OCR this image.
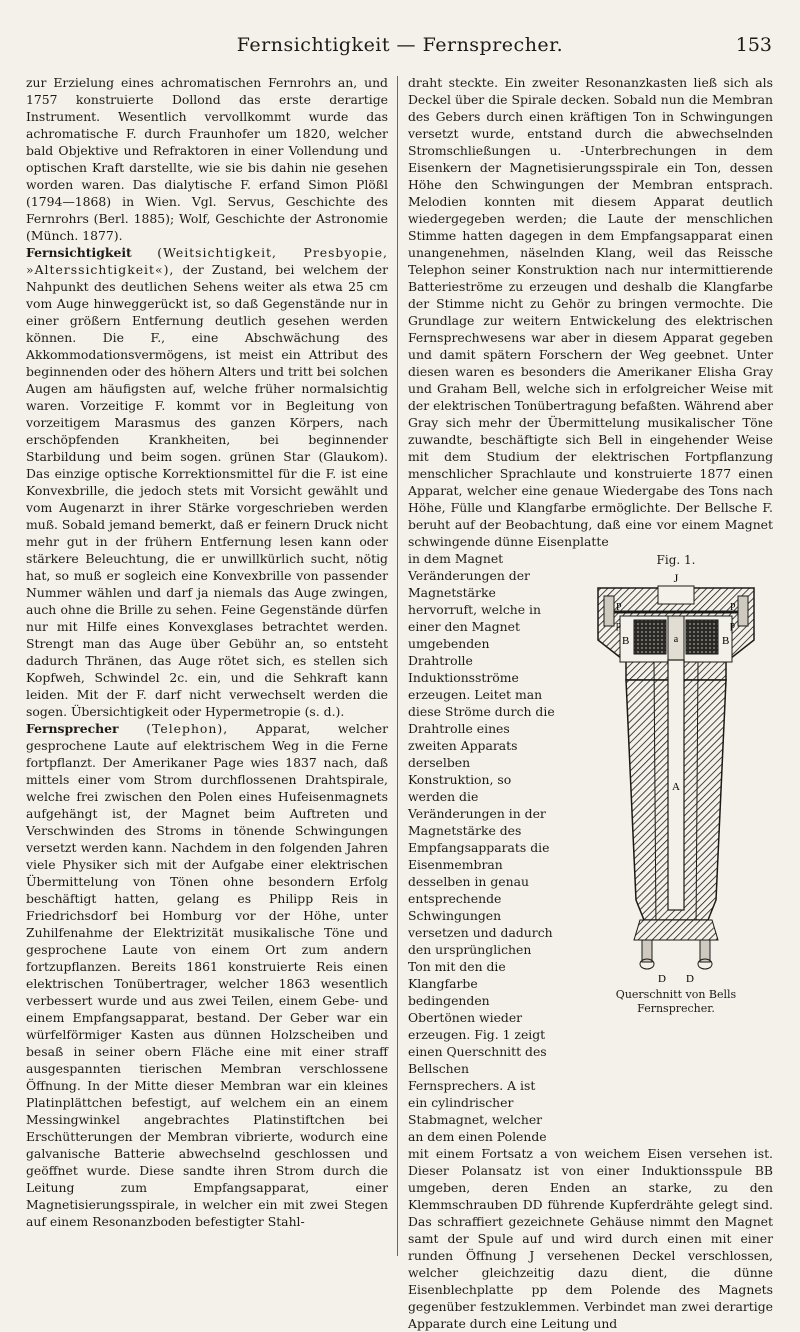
Fernsichtigkeit — Fernsprecher.	153

zur Erzielung eines achromatischen Fernrohrs an, und 1757 konstruierte Dollond das erste derartige Instrument. Wesentlich vervollkommt wurde das achromatische F. durch Fraunhofer um 1820, welcher bald Objektive und Refraktoren in einer Vollendung und optischen Kraft darstellte, wie sie bis dahin nie gesehen worden waren. Das dialytische F. erfand Simon Plößl (1794—1868) in Wien. Vgl. Servus, Geschichte des Fernrohrs (Berl. 1885); Wolf, Geschichte der Astronomie (Münch. 1877).

Fernsichtigkeit (Weitsichtigkeit, Presbyopie, »Alterssichtigkeit«), der Zustand, bei welchem der Nahpunkt des deutlichen Sehens weiter als etwa 25 cm vom Auge hinweggerückt ist, so daß Gegenstände nur in einer größern Entfernung deutlich gesehen werden können. Die F., eine Abschwächung des Akkommodationsvermögens, ist meist ein Attribut des beginnenden oder des höhern Alters und tritt bei solchen Augen am häufigsten auf, welche früher normalsichtig waren. Vorzeitige F. kommt vor in Begleitung von vorzeitigem Marasmus des ganzen Körpers, nach erschöpfenden Krankheiten, bei beginnender Starbildung und beim sogen. grünen Star (Glaukom). Das einzige optische Korrektionsmittel für die F. ist eine Konvexbrille, die jedoch stets mit Vorsicht gewählt und vom Augenarzt in ihrer Stärke vorgeschrieben werden muß. Sobald jemand bemerkt, daß er feinern Druck nicht mehr gut in der frühern Entfernung lesen kann oder stärkere Beleuchtung, die er unwillkürlich sucht, nötig hat, so muß er sogleich eine Konvexbrille von passender Nummer wählen und darf ja niemals das Auge zwingen, auch ohne die Brille zu sehen. Feine Gegenstände dürfen nur mit Hilfe eines Konvexglases betrachtet werden. Strengt man das Auge über Gebühr an, so entsteht dadurch Thränen, das Auge rötet sich, es stellen sich Kopfweh, Schwindel 2c. ein, und die Sehkraft kann leiden. Mit der F. darf nicht verwechselt werden die sogen. Übersichtigkeit oder Hypermetropie (s. d.).

Fernsprecher (Telephon), Apparat, welcher gesprochene Laute auf elektrischem Weg in die Ferne fortpflanzt. Der Amerikaner Page wies 1837 nach, daß mittels einer vom Strom durchflossenen Drahtspirale, welche frei zwischen den Polen eines Hufeisenmagnets aufgehängt ist, der Magnet beim Auftreten und Verschwinden des Stroms in tönende Schwingungen versetzt werden kann. Nachdem in den folgenden Jahren viele Physiker sich mit der Aufgabe einer elektrischen Übermittelung von Tönen ohne besondern Erfolg beschäftigt hatten, gelang es Philipp Reis in Friedrichsdorf bei Homburg vor der Höhe, unter Zuhilfenahme der Elektrizität musikalische Töne und gesprochene Laute von einem Ort zum andern fortzupflanzen. Bereits 1861 konstruierte Reis einen elektrischen Tonübertrager, welcher 1863 wesentlich verbessert wurde und aus zwei Teilen, einem Gebe- und einem Empfangsapparat, bestand. Der Geber war ein würfelförmiger Kasten aus dünnen Holzscheiben und besaß in seiner obern Fläche eine mit einer straff ausgespannten tierischen Membran verschlossene Öffnung. In der Mitte dieser Membran war ein kleines Platinplättchen befestigt, auf welchem ein an einem Messingwinkel angebrachtes Platinstiftchen bei Erschütterungen der Membran vibrierte, wodurch eine galvanische Batterie abwechselnd geschlossen und geöffnet wurde. Diese sandte ihren Strom durch die Leitung zum Empfangsapparat, einer Magnetisierungsspirale, in welcher ein mit zwei Stegen auf einem Resonanzboden befestigter Stahl-

draht steckte. Ein zweiter Resonanzkasten ließ sich als Deckel über die Spirale decken. Sobald nun die Membran des Gebers durch einen kräftigen Ton in Schwingungen versetzt wurde, entstand durch die abwechselnden Stromschließungen u. -Unterbrechungen in dem Eisenkern der Magnetisierungsspirale ein Ton, dessen Höhe den Schwingungen der Membran entsprach. Melodien konnten mit diesem Apparat deutlich wiedergegeben werden; die Laute der menschlichen Stimme hatten dagegen in dem Empfangsapparat einen unangenehmen, näselnden Klang, weil das Reissche Telephon seiner Konstruktion nach nur intermittierende Batterieströme zu erzeugen und deshalb die Klangfarbe der Stimme nicht zu Gehör zu bringen vermochte. Die Grundlage zur weitern Entwickelung des elektrischen Fernsprechwesens war aber in diesem Apparat gegeben und damit spätern Forschern der Weg geebnet. Unter diesen waren es besonders die Amerikaner Elisha Gray und Graham Bell, welche sich in erfolgreicher Weise mit der elektrischen Tonübertragung befaßten. Während aber Gray sich mehr der Übermittelung musikalischer Töne zuwandte, beschäftigte sich Bell in eingehender Weise mit dem Studium der elektrischen Fortpflanzung menschlicher Sprachlaute und konstruierte 1877 einen Apparat, welcher eine genaue Wiedergabe des Tons nach Höhe, Fülle und Klangfarbe ermöglichte. Der Bellsche F. beruht auf der Beobachtung, daß eine vor einem Magnet schwingende dünne Eisenplatte

in dem Magnet Veränderungen der Magnetstärke hervorruft, welche in einer den Magnet umgebenden Drahtrolle Induktionsströme erzeugen. Leitet man diese Ströme durch die Drahtrolle eines zweiten Apparats derselben Konstruktion, so werden die Veränderungen in der Magnetstärke des Empfangsapparats die Eisenmembran desselben in genau entsprechende Schwingungen versetzen und dadurch den ursprünglichen Ton mit den die Klangfarbe bedingenden Obertönen wieder erzeugen. Fig. 1 zeigt einen Querschnitt des Bellschen Fernsprechers. A ist ein cylindrischer Stabmagnet, welcher an dem einen Polende

Fig. 1.
J
P	P
p	p
B	B
a
A
D D
Querschnitt von Bells Fernsprecher.

mit einem Fortsatz a von weichem Eisen versehen ist. Dieser Polansatz ist von einer Induktionsspule BB umgeben, deren Enden an starke, zu den Klemmschrauben DD führende Kupferdrähte gelegt sind. Das schraffiert gezeichnete Gehäuse nimmt den Magnet samt der Spule auf und wird durch einen mit einer runden Öffnung J versehenen Deckel verschlossen, welcher gleichzeitig dazu dient, die dünne Eisenblechplatte pp dem Polende des Magnets gegenüber festzuklemmen. Verbindet man zwei derartige Apparate durch eine Leitung und
